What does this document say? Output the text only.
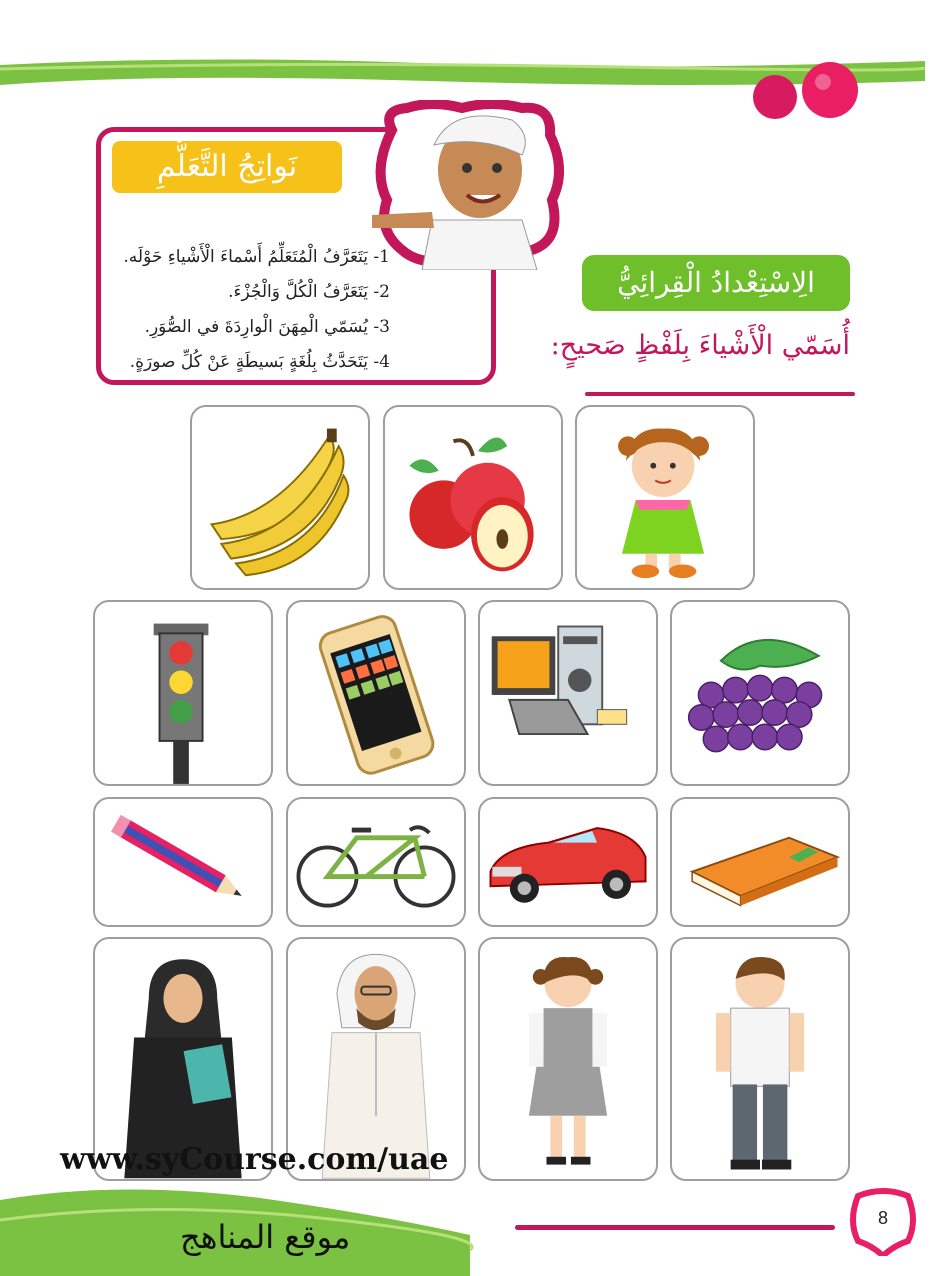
نَواتِجُ التَّعَلُّمِ
1- يَتَعَرَّفُ الْمُتَعَلِّمُ أَسْماءَ الْأَشْياءِ حَوْلَه.
2- يَتَعَرَّفُ الْكُلَّ وَالْجُزْءَ.
3- يُسَمّي الْمِهَنَ الْوارِدَةَ في الصُّوَرِ.
4- يَتَحَدَّثُ بِلُغَةٍ بَسيطَةٍ عَنْ كُلِّ صورَةٍ.
الِاسْتِعْدادُ الْقِرائِيُّ
أُسَمّي الْأَشْياءَ بِلَفْظٍ صَحيحٍ:
www.syCourse.com/uae
موقع المناهج	8
